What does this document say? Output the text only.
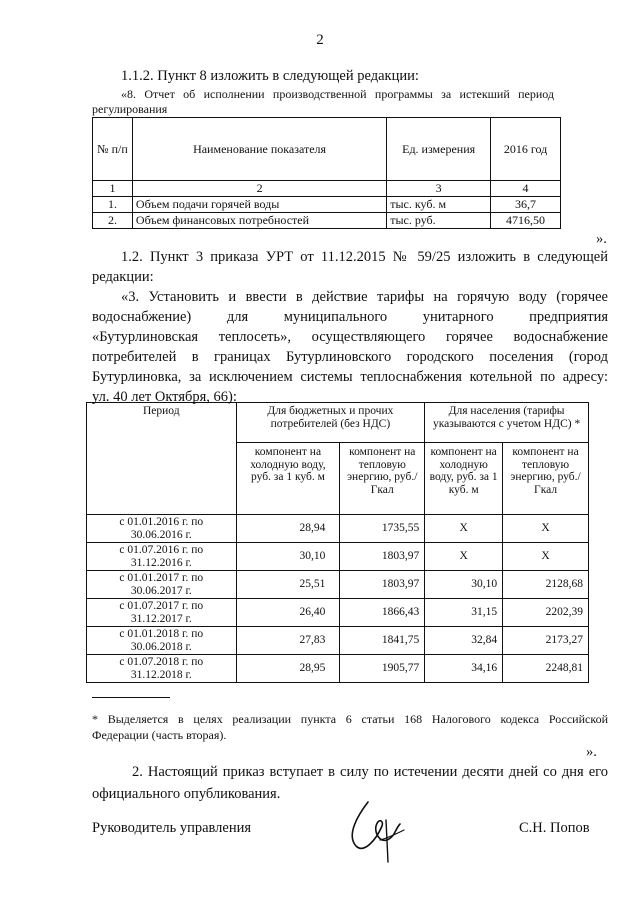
2
1.1.2. Пункт 8 изложить в следующей редакции:
«8. Отчет об исполнении производственной программы за истекший период
регулирования
№ п/п	Наименование показателя	Ед. измерения	2016 год
1	2	3	4
1.	Объем подачи горячей воды	тыс. куб. м	36,7
2.	Объем финансовых потребностей	тыс. руб.	4716,50
».
1.2. Пункт 3 приказа УРТ от 11.12.2015 № 59/25 изложить в следующей
редакции:
«3. Установить и ввести в действие тарифы на горячую воду (горячее
водоснабжение) для муниципального унитарного предприятия
«Бутурлиновская теплосеть», осуществляющего горячее водоснабжение
потребителей в границах Бутурлиновского городского поселения (город
Бутурлиновка, за исключением системы теплоснабжения котельной по адресу:
ул. 40 лет Октября, 66):
Период	Для бюджетных и прочих потребителей (без НДС)		Для населения (тарифы указываются с учетом НДС) *	
	компонент на холодную воду, руб. за 1 куб. м	компонент на тепловую энергию, руб./Гкал	компонент на холодную воду, руб. за 1 куб. м	компонент на тепловую энергию, руб./Гкал
с 01.01.2016 г. по
30.06.2016 г.	28,94	1735,55	X	X
с 01.07.2016 г. по
31.12.2016 г.	30,10	1803,97	X	X
с 01.01.2017 г. по
30.06.2017 г.	25,51	1803,97	30,10	2128,68
с 01.07.2017 г. по
31.12.2017 г.	26,40	1866,43	31,15	2202,39
с 01.01.2018 г. по
30.06.2018 г.	27,83	1841,75	32,84	2173,27
с 01.07.2018 г. по
31.12.2018 г.	28,95	1905,77	34,16	2248,81
* Выделяется в целях реализации пункта 6 статьи 168 Налогового кодекса Российской
Федерации (часть вторая).
».
2. Настоящий приказ вступает в силу по истечении десяти дней со дня его
официального опубликования.
Руководитель управления	С.Н. Попов
